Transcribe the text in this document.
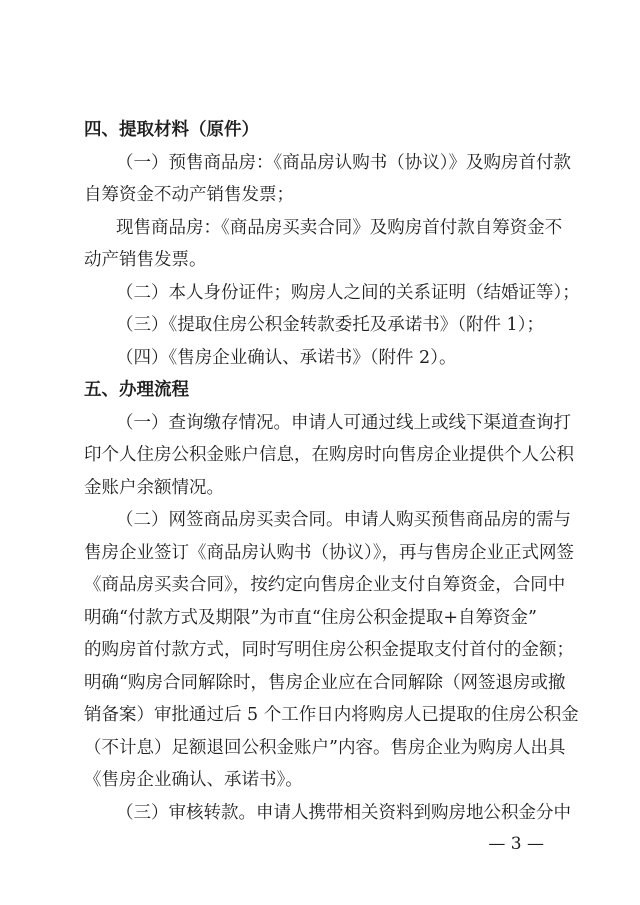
四、提取材料（原件）
（一）预售商品房：《商品房认购书（协议）》及购房首付款
自筹资金不动产销售发票；
现售商品房：《商品房买卖合同》及购房首付款自筹资金不
动产销售发票。
（二）本人身份证件；购房人之间的关系证明（结婚证等）；
（三）《提取住房公积金转款委托及承诺书》（附件 1）；
（四）《售房企业确认、承诺书》（附件 2）。
五、办理流程
（一）查询缴存情况。申请人可通过线上或线下渠道查询打
印个人住房公积金账户信息，在购房时向售房企业提供个人公积
金账户余额情况。
（二）网签商品房买卖合同。申请人购买预售商品房的需与
售房企业签订《商品房认购书（协议）》，再与售房企业正式网签
《商品房买卖合同》，按约定向售房企业支付自筹资金，合同中
明确“付款方式及期限”为市直“住房公积金提取+自筹资金”
的购房首付款方式，同时写明住房公积金提取支付首付的金额；
明确“购房合同解除时，售房企业应在合同解除（网签退房或撤
销备案）审批通过后 5 个工作日内将购房人已提取的住房公积金
（不计息）足额退回公积金账户”内容。售房企业为购房人出具
《售房企业确认、承诺书》。
（三）审核转款。申请人携带相关资料到购房地公积金分中
— 3 —
